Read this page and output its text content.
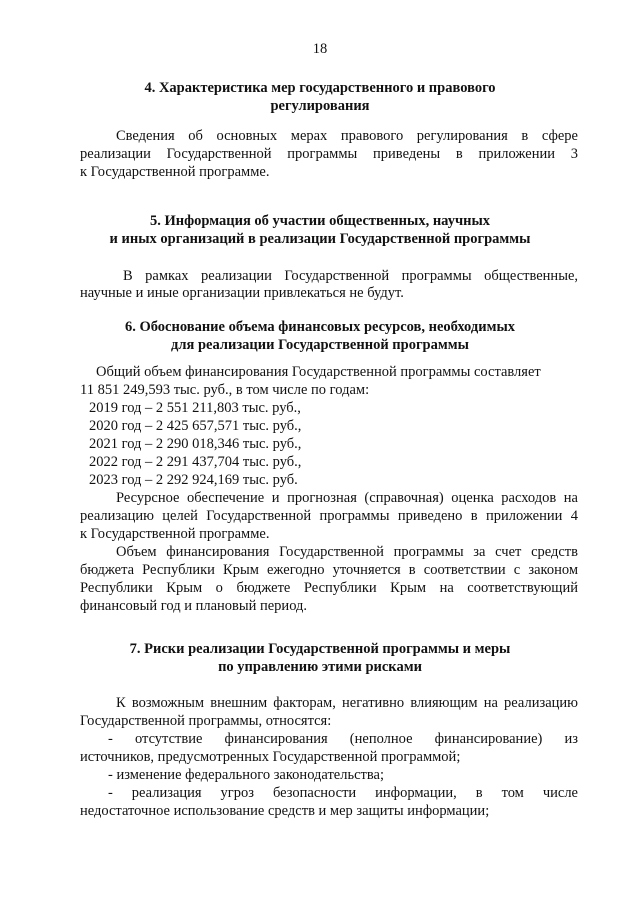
18
4. Характеристика мер государственного и правового
регулирования
Сведения об основных мерах правового регулирования в сфере
реализации Государственной программы приведены в приложении 3
к Государственной программе.
5. Информация об участии общественных, научных
и иных организаций в реализации Государственной программы
В рамках реализации Государственной программы общественные,
научные и иные организации привлекаться не будут.
6. Обоснование объема финансовых ресурсов, необходимых
для реализации Государственной программы
Общий объем финансирования Государственной программы составляет
11 851 249,593 тыс. руб., в том числе по годам:
2019 год – 2 551 211,803 тыс. руб.,
2020 год – 2 425 657,571 тыс. руб.,
2021 год – 2 290 018,346 тыс. руб.,
2022 год – 2 291 437,704 тыс. руб.,
2023 год – 2 292 924,169 тыс. руб.
Ресурсное обеспечение и прогнозная (справочная) оценка расходов на
реализацию целей Государственной программы приведено в приложении 4
к Государственной программе.
Объем финансирования Государственной программы за счет средств
бюджета Республики Крым ежегодно уточняется в соответствии с законом
Республики Крым о бюджете Республики Крым на соответствующий
финансовый год и плановый период.
7. Риски реализации Государственной программы и меры
по управлению этими рисками
К возможным внешним факторам, негативно влияющим на реализацию
Государственной программы, относятся:
- отсутствие финансирования (неполное финансирование) из
источников, предусмотренных Государственной программой;
- изменение федерального законодательства;
- реализация угроз безопасности информации, в том числе
недостаточное использование средств и мер защиты информации;
